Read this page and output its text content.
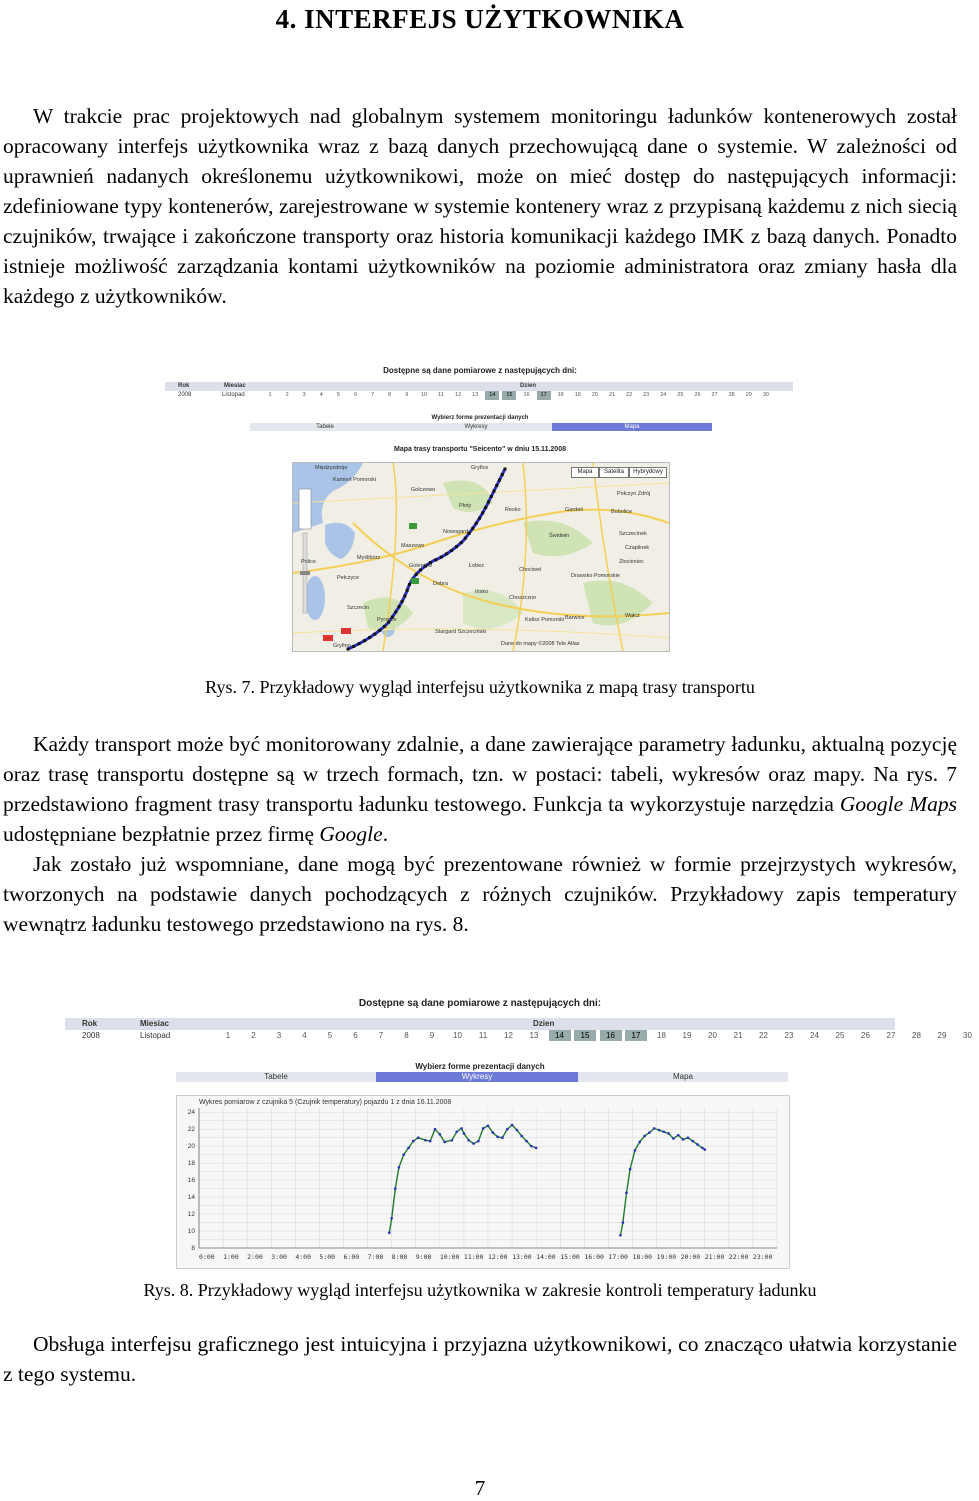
4. INTERFEJS UŻYTKOWNIKA

W trakcie prac projektowych nad globalnym systemem monitoringu ładunków kontenerowych został opracowany interfejs użytkownika wraz z bazą danych przechowującą dane o systemie. W zależności od uprawnień nadanych określonemu użytkownikowi, może on mieć dostęp do następujących informacji: zdefiniowane typy kontenerów, zarejestrowane w systemie kontenery wraz z przypisaną każdemu z nich siecią czujników, trwające i zakończone transporty oraz historia komunikacji każdego IMK z bazą danych. Ponadto istnieje możliwość zarządzania kontami użytkowników na poziomie administratora oraz zmiany hasła dla każdego z użytkowników.

Dostępne są dane pomiarowe z następujących dni:
Rok	Miesiac	Dzien
2008	Listopad	1	2	3	4	5	6	7	8	9	10	11	12	13	14	15	16	17	18	19	20	21	22	23	24	25	26	27	28	29	30
Wybierz forme prezentacji danych
Tabele	Wykresy	Mapa
Mapa trasy transportu "Seicento" w dniu 15.11.2008
Międzyzdroje	Gryfice
Kamień Pomorski
Golczewo
Resko	Gardeń	Bobolice
Szczecinek
Połczyn Zdrój
Nowogard
Maszewo
Świdwin
Drawsko Pomorskie
Złocieniec
Czaplinek
Stargard Szczeciński
Pyrzyce
Police
Szczecin
Gryfino
Łobez
Dobra
Ińsko
Choszczno
Wałcz
Myślibórz
Pełczyce
Kalisz Pomorski Barwice
Chociwel
Goleniów
Płoty
Mapa	Satelita	Hybrydowy
Dane do mapy ©2008 Tele Atlas
Rys. 7. Przykładowy wygląd interfejsu użytkownika z mapą trasy transportu

Każdy transport może być monitorowany zdalnie, a dane zawierające parametry ładunku, aktualną pozycję oraz trasę transportu dostępne są w trzech formach, tzn. w postaci: tabeli, wykresów oraz mapy. Na rys. 7 przedstawiono fragment trasy transportu ładunku testowego. Funkcja ta wykorzystuje narzędzia Google Maps udostępniane bezpłatnie przez firmę Google.

Jak zostało już wspomniane, dane mogą być prezentowane również w formie przejrzystych wykresów, tworzonych na podstawie danych pochodzących z różnych czujników. Przykładowy zapis temperatury wewnątrz ładunku testowego przedstawiono na rys. 8.

Dostępne są dane pomiarowe z następujących dni:
Rok	Miesiac	Dzien
2008	Listopad	1	2	3	4	5	6	7	8	9	10	11	12	13	14	15	16	17	18	19	20	21	22	23	24	25	26	27	28	29	30
Wybierz forme prezentacji danych
Tabele	Wykresy	Mapa
Wykres pomiarow z czujnika 5 (Czujnik temperatury) pojazdu 1 z dnia 16.11.2008
8
10
12
14
16
18
20
22
24
0:00 1:00 2:00 3:00 4:00 5:00 6:00 7:00 8:00 9:00 10:00 11:00 12:00 13:00 14:00 15:00 16:00 17:00 18:00 19:00 20:00 21:00 22:00 23:00
Rys. 8. Przykładowy wygląd interfejsu użytkownika w zakresie kontroli temperatury ładunku

Obsługa interfejsu graficznego jest intuicyjna i przyjazna użytkownikowi, co znacząco ułatwia korzystanie z tego systemu.

7
